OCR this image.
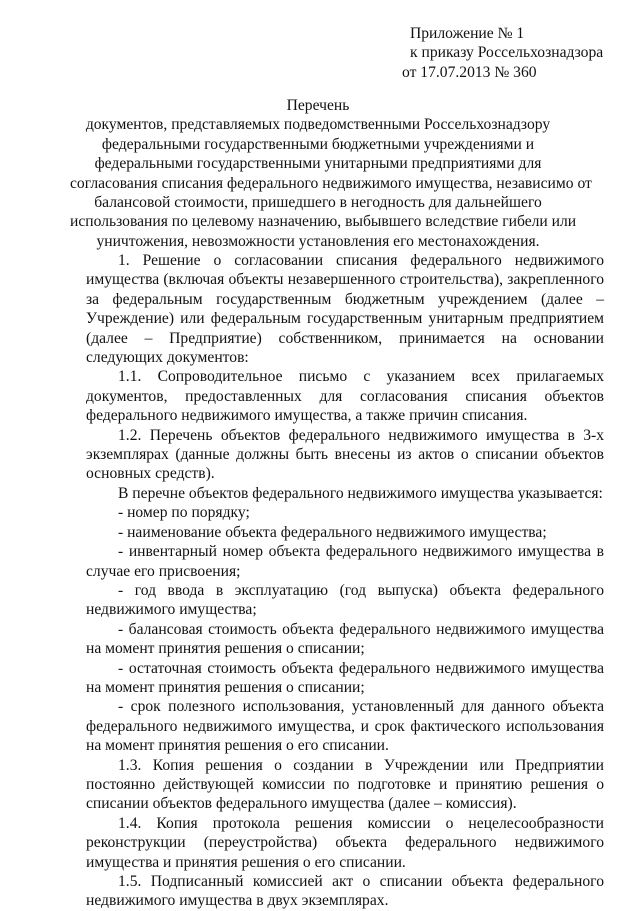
Приложение № 1
к приказу Россельхознадзора
от 17.07.2013 № 360
Перечень
документов, представляемых подведомственными Россельхознадзору
федеральными государственными бюджетными учреждениями и
федеральными государственными унитарными предприятиями для
согласования списания федерального недвижимого имущества, независимо от
балансовой стоимости, пришедшего в негодность для дальнейшего
использования по целевому назначению, выбывшего вследствие гибели или
уничтожения, невозможности установления его местонахождения.

1. Решение о согласовании списания федерального недвижимого имущества (включая объекты незавершенного строительства), закрепленного за федеральным государственным бюджетным учреждением (далее – Учреждение) или федеральным государственным унитарным предприятием (далее – Предприятие) собственником, принимается на основании следующих документов:

1.1. Сопроводительное письмо с указанием всех прилагаемых документов, предоставленных для согласования списания объектов федерального недвижимого имущества, а также причин списания.

1.2. Перечень объектов федерального недвижимого имущества в 3-х экземплярах (данные должны быть внесены из актов о списании объектов основных средств).

В перечне объектов федерального недвижимого имущества указывается:

- номер по порядку;

- наименование объекта федерального недвижимого имущества;

- инвентарный номер объекта федерального недвижимого имущества в случае его присвоения;

- год ввода в эксплуатацию (год выпуска) объекта федерального недвижимого имущества;

- балансовая стоимость объекта федерального недвижимого имущества на момент принятия решения о списании;

- остаточная стоимость объекта федерального недвижимого имущества на момент принятия решения о списании;

- срок полезного использования, установленный для данного объекта федерального недвижимого имущества, и срок фактического использования на момент принятия решения о его списании.

1.3. Копия решения о создании в Учреждении или Предприятии постоянно действующей комиссии по подготовке и принятию решения о списании объектов федерального имущества (далее – комиссия).

1.4. Копия протокола решения комиссии о нецелесообразности реконструкции (переустройства) объекта федерального недвижимого имущества и принятия решения о его списании.

1.5. Подписанный комиссией акт о списании объекта федерального недвижимого имущества в двух экземплярах.
